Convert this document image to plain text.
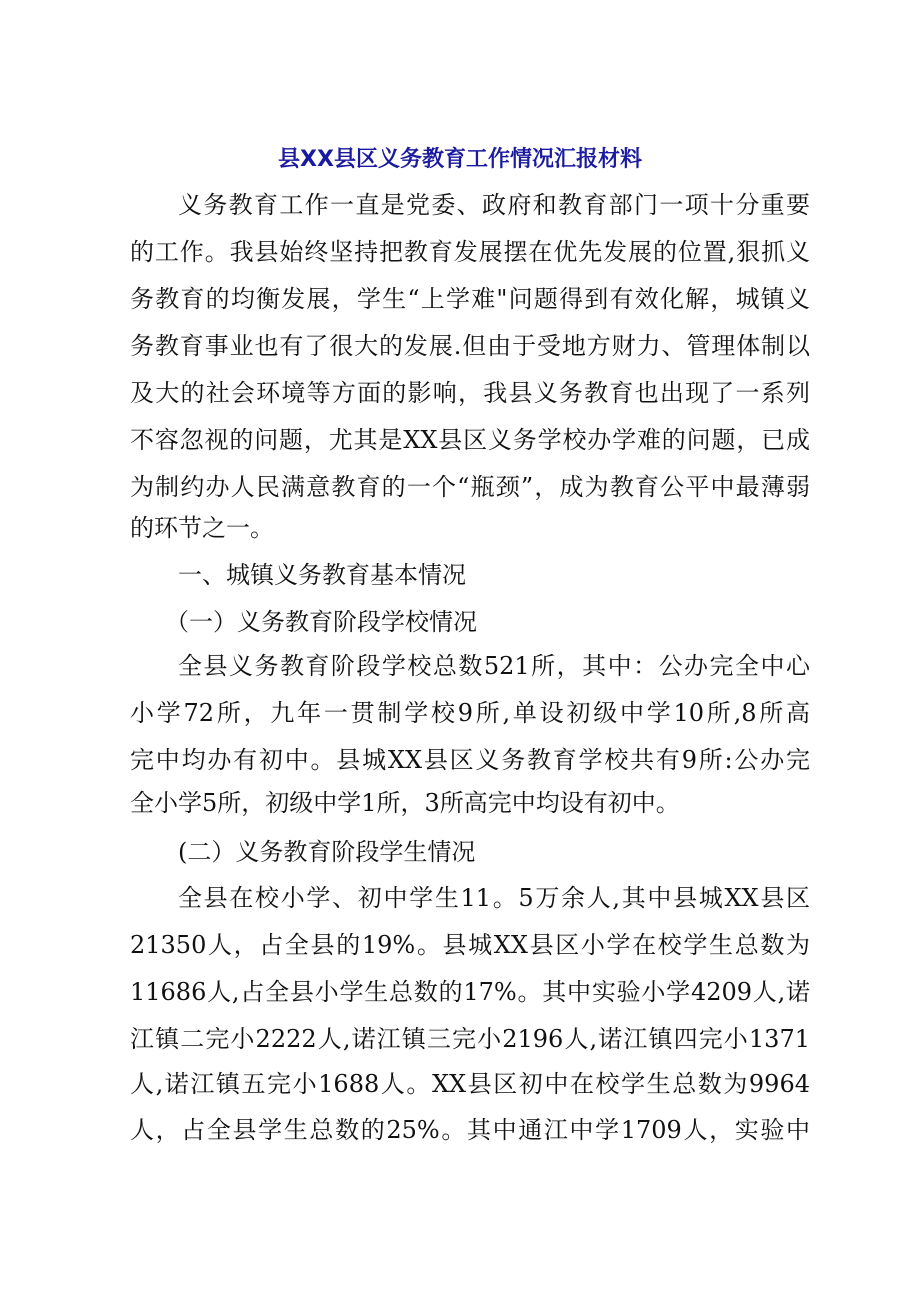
县XX县区义务教育工作情况汇报材料

义务教育工作一直是党委、政府和教育部门一项十分重要

的工作。我县始终坚持把教育发展摆在优先发展的位置,狠抓义

务教育的均衡发展，学生“上学难"问题得到有效化解，城镇义

务教育事业也有了很大的发展.但由于受地方财力、管理体制以

及大的社会环境等方面的影响，我县义务教育也出现了一系列

不容忽视的问题，尤其是XX县区义务学校办学难的问题，已成

为制约办人民满意教育的一个“瓶颈”，成为教育公平中最薄弱

的环节之一。

一、城镇义务教育基本情况

（一）义务教育阶段学校情况

全县义务教育阶段学校总数521所，其中：公办完全中心

小学72所，九年一贯制学校9所,单设初级中学10所,8所高

完中均办有初中。县城XX县区义务教育学校共有9所:公办完

全小学5所，初级中学1所，3所高完中均设有初中。

(二）义务教育阶段学生情况

全县在校小学、初中学生11。5万余人,其中县城XX县区

21350人，占全县的19%。县城XX县区小学在校学生总数为

11686人,占全县小学生总数的17%。其中实验小学4209人,诺

江镇二完小2222人,诺江镇三完小2196人,诺江镇四完小1371

人,诺江镇五完小1688人。XX县区初中在校学生总数为9964

人，占全县学生总数的25%。其中通江中学1709人，实验中
